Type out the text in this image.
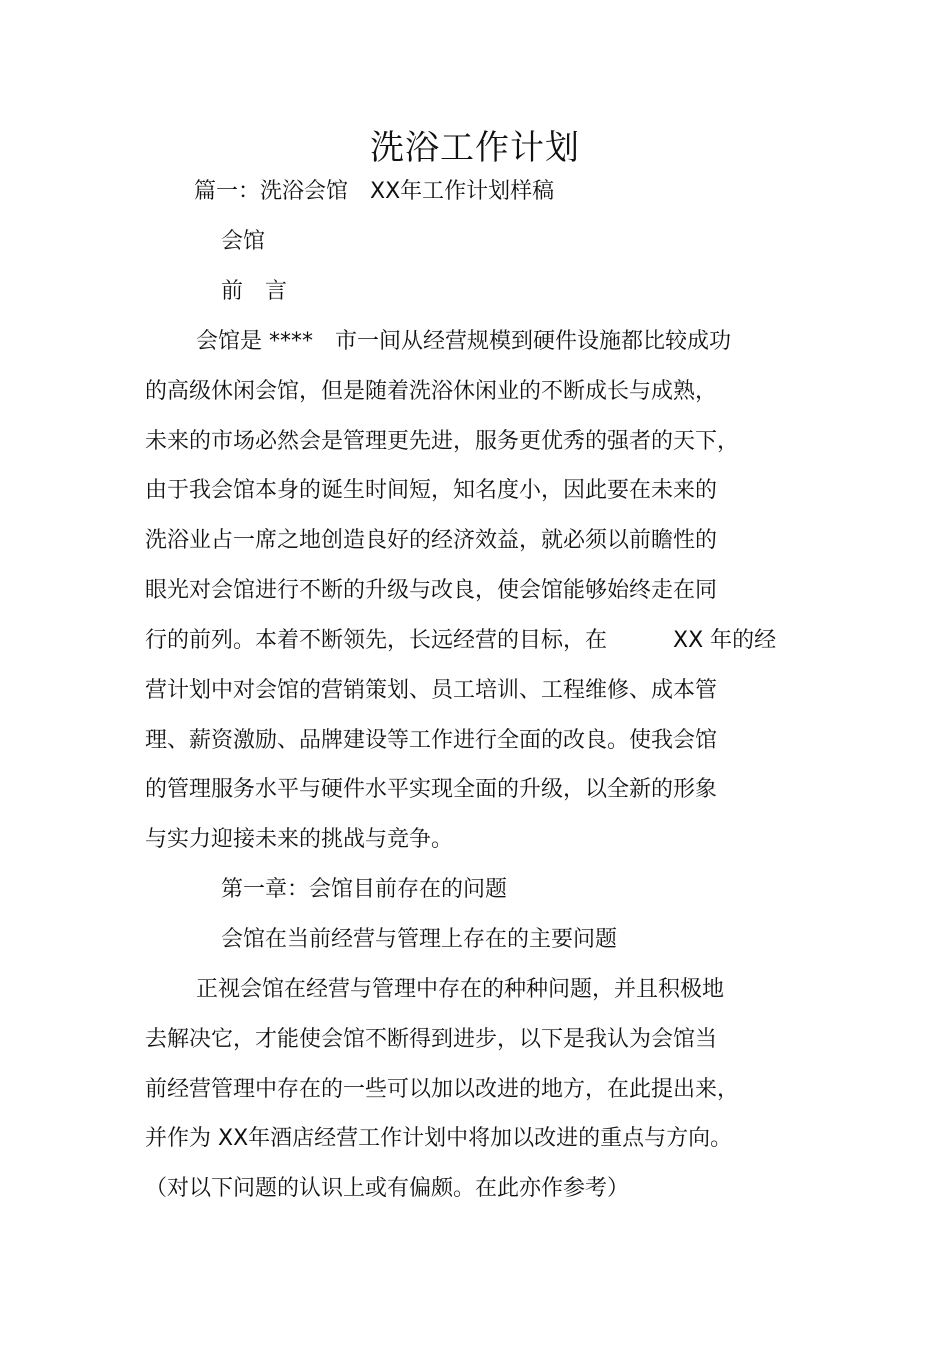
洗浴工作计划

篇一：洗浴会馆　XX年工作计划样稿

会馆

前　言

会馆是 ****　市一间从经营规模到硬件设施都比较成功

的高级休闲会馆，但是随着洗浴休闲业的不断成长与成熟，

未来的市场必然会是管理更先进，服务更优秀的强者的天下，

由于我会馆本身的诞生时间短，知名度小，因此要在未来的

洗浴业占一席之地创造良好的经济效益，就必须以前瞻性的

眼光对会馆进行不断的升级与改良，使会馆能够始终走在同

行的前列。本着不断领先，长远经营的目标，在　　　XX 年的经

营计划中对会馆的营销策划、员工培训、工程维修、成本管

理、薪资激励、品牌建设等工作进行全面的改良。使我会馆

的管理服务水平与硬件水平实现全面的升级，以全新的形象

与实力迎接未来的挑战与竞争。

第一章：会馆目前存在的问题

会馆在当前经营与管理上存在的主要问题

正视会馆在经营与管理中存在的种种问题，并且积极地

去解决它，才能使会馆不断得到进步，以下是我认为会馆当

前经营管理中存在的一些可以加以改进的地方，在此提出来，

并作为 XX年酒店经营工作计划中将加以改进的重点与方向。

（对以下问题的认识上或有偏颇。在此亦作参考）
